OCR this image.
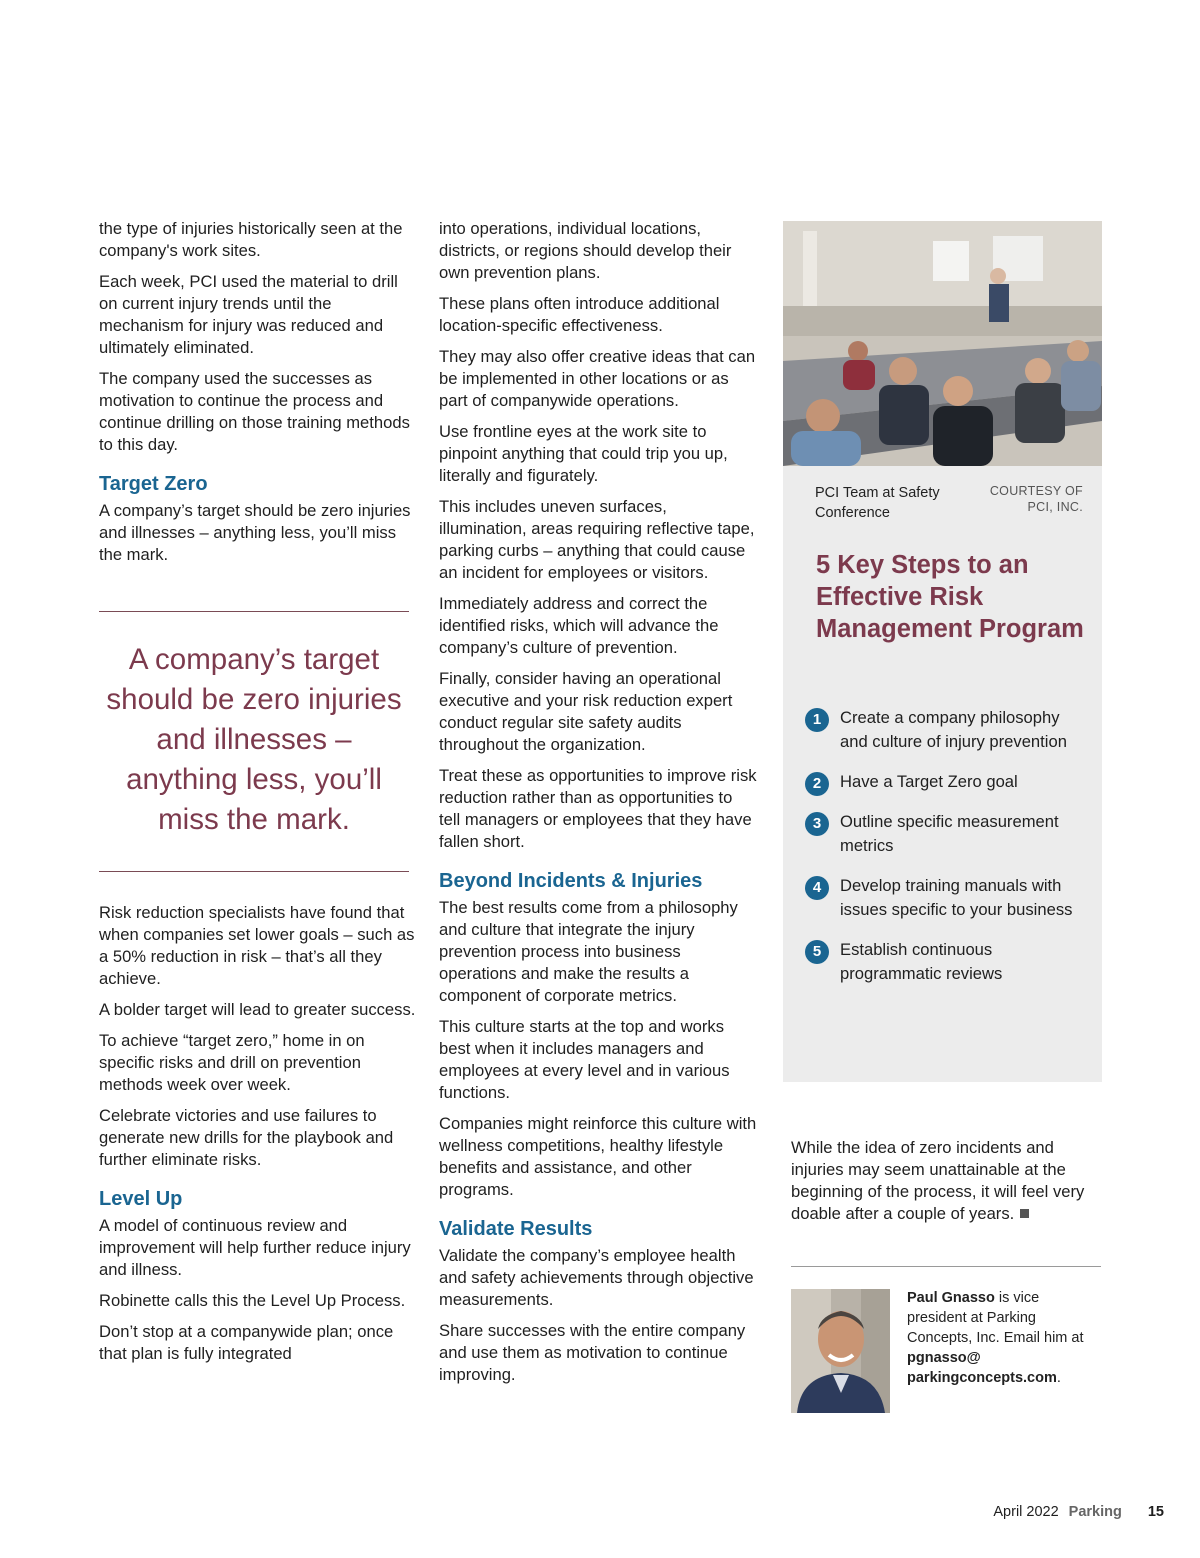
the type of injuries historically seen at the company's work sites.

Each week, PCI used the material to drill on current injury trends until the mechanism for injury was reduced and ultimately eliminated.

The company used the successes as motivation to continue the process and continue drilling on those training methods to this day.

Target Zero

A company’s target should be zero injuries and illnesses – anything less, you’ll miss the mark.

A company’s target should be zero injuries and illnesses – anything less, you’ll miss the mark.

Risk reduction specialists have found that when companies set lower goals – such as a 50% reduction in risk – that’s all they achieve.

A bolder target will lead to greater success.

To achieve “target zero,” home in on specific risks and drill on prevention methods week over week.

Celebrate victories and use failures to generate new drills for the playbook and further eliminate risks.

Level Up

A model of continuous review and improvement will help further reduce injury and illness.

Robinette calls this the Level Up Process.

Don’t stop at a companywide plan; once that plan is fully integrated

into operations, individual locations, districts, or regions should develop their own prevention plans.

These plans often introduce additional location-specific effectiveness.

They may also offer creative ideas that can be implemented in other locations or as part of companywide operations.

Use frontline eyes at the work site to pinpoint anything that could trip you up, literally and figurately.

This includes uneven surfaces, illumination, areas requiring reflective tape, parking curbs – anything that could cause an incident for employees or visitors.

Immediately address and correct the identified risks, which will advance the company’s culture of prevention.

Finally, consider having an operational executive and your risk reduction expert conduct regular site safety audits throughout the organization.

Treat these as opportunities to improve risk reduction rather than as opportunities to tell managers or employees that they have fallen short.

Beyond Incidents & Injuries

The best results come from a philosophy and culture that integrate the injury prevention process into business operations and make the results a component of corporate metrics.

This culture starts at the top and works best when it includes managers and employees at every level and in various functions.

Companies might reinforce this culture with wellness competitions, healthy lifestyle benefits and assistance, and other programs.

Validate Results

Validate the company’s employee health and safety achievements through objective measurements.

Share successes with the entire company and use them as motivation to continue improving.

PCI Team at Safety Conference
COURTESY OF PCI, INC.
5 Key Steps to an Effective Risk Management Program
1	Create a company philosophy and culture of injury prevention
2	Have a Target Zero goal
3	Outline specific measurement metrics
4	Develop training manuals with issues specific to your business
5	Establish continuous programmatic reviews
While the idea of zero incidents and injuries may seem unattainable at the beginning of the process, it will feel very doable after a couple of years.
Paul Gnasso is vice president at Parking Concepts, Inc. Email him at pgnasso@ parkingconcepts.com.
April 2022 Parking 15
